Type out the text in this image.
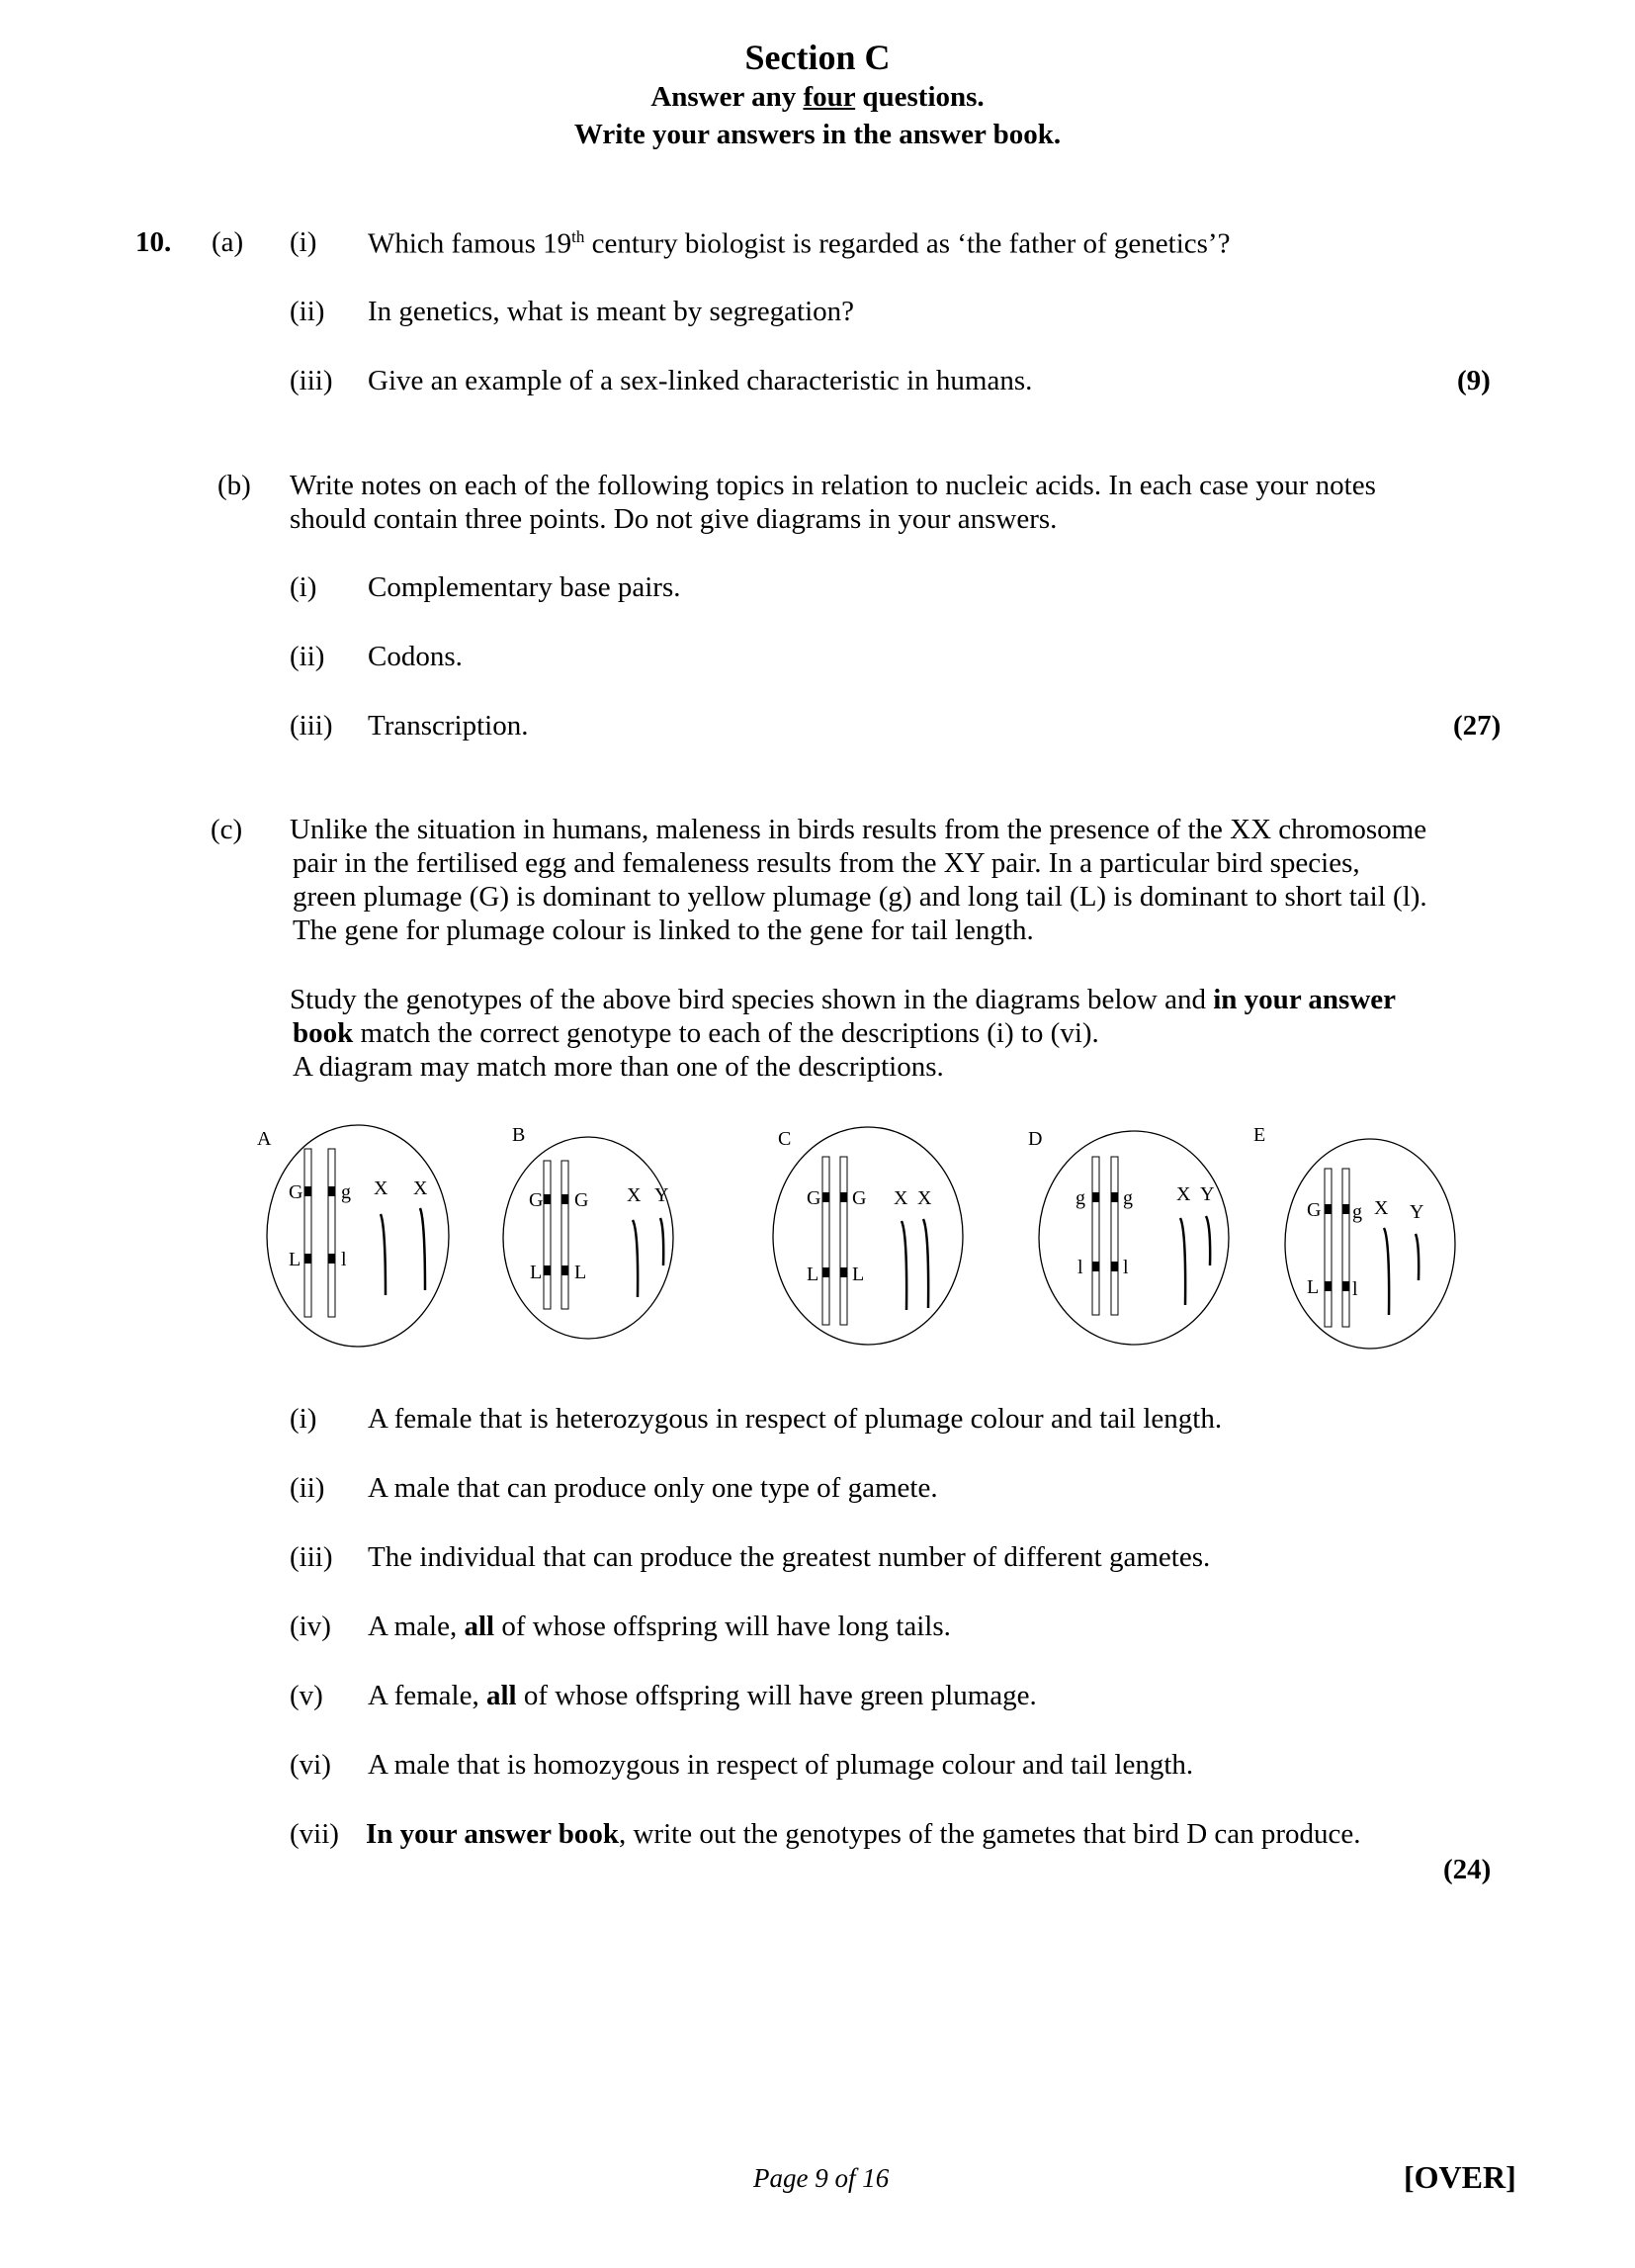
Section C
Answer any four questions.
Write your answers in the answer book.
10. (a) (i) Which famous 19th century biologist is regarded as ‘the father of genetics’?
(ii) In genetics, what is meant by segregation?
(iii) Give an example of a sex-linked characteristic in humans.	(9)
(b) Write notes on each of the following topics in relation to nucleic acids. In each case your notes
should contain three points. Do not give diagrams in your answers.
(i) Complementary base pairs.
(ii) Codons.
(iii) Transcription.	(27)
(c) Unlike the situation in humans, maleness in birds results from the presence of the XX chromosome
pair in the fertilised egg and femaleness results from the XY pair. In a particular bird species,
green plumage (G) is dominant to yellow plumage (g) and long tail (L) is dominant to short tail (l).
The gene for plumage colour is linked to the gene for tail length.
Study the genotypes of the above bird species shown in the diagrams below and in your answer
book match the correct genotype to each of the descriptions (i) to (vi).
A diagram may match more than one of the descriptions.
A
G g
L l
X X
B
G G
L L
X Y
C
G G
L L
X X
D
g g
l l
X Y
E
G g
L l
X Y
(i) A female that is heterozygous in respect of plumage colour and tail length.
(ii) A male that can produce only one type of gamete.
(iii) The individual that can produce the greatest number of different gametes.
(iv) A male, all of whose offspring will have long tails.
(v) A female, all of whose offspring will have green plumage.
(vi) A male that is homozygous in respect of plumage colour and tail length.
(vii) In your answer book, write out the genotypes of the gametes that bird D can produce.
(24)
Page 9 of 16	[OVER]
